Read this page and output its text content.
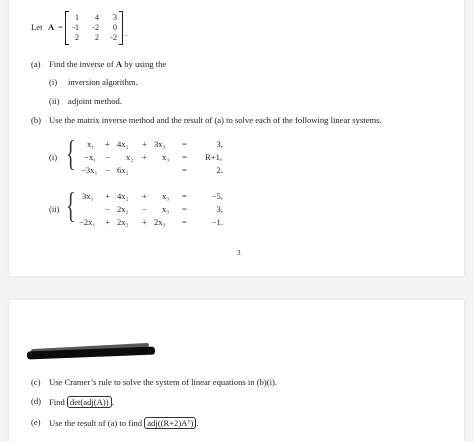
Let A =
1	4	3
-1	-2	0
2	2	-2 .
(a) Find the inverse of A by using the
(i) inversion algorithm.
(ii) adjoint method.
(b) Use the matrix inverse method and the result of (a) to solve each of the following linear systems.
(i) { x₁ + 4x₂ + 3x₃ =	3,
−x₁ − x₂ + x₃ = R+1,
−3x₁ − 6x₂	=	2.
(ii) { 3x₁ + 4x₂ + x₃ =	−5,
− 2x₂ − x₃ =	3,
−2x₁ + 2x₂ + 2x₃ =	−1.
3
(c) Use Cramer’s rule to solve the system of linear equations in (b)(i).
(d) Find det(adj(A)) .
(e) Use the result of (a) to find adj((R+2)Aᵀ) .
